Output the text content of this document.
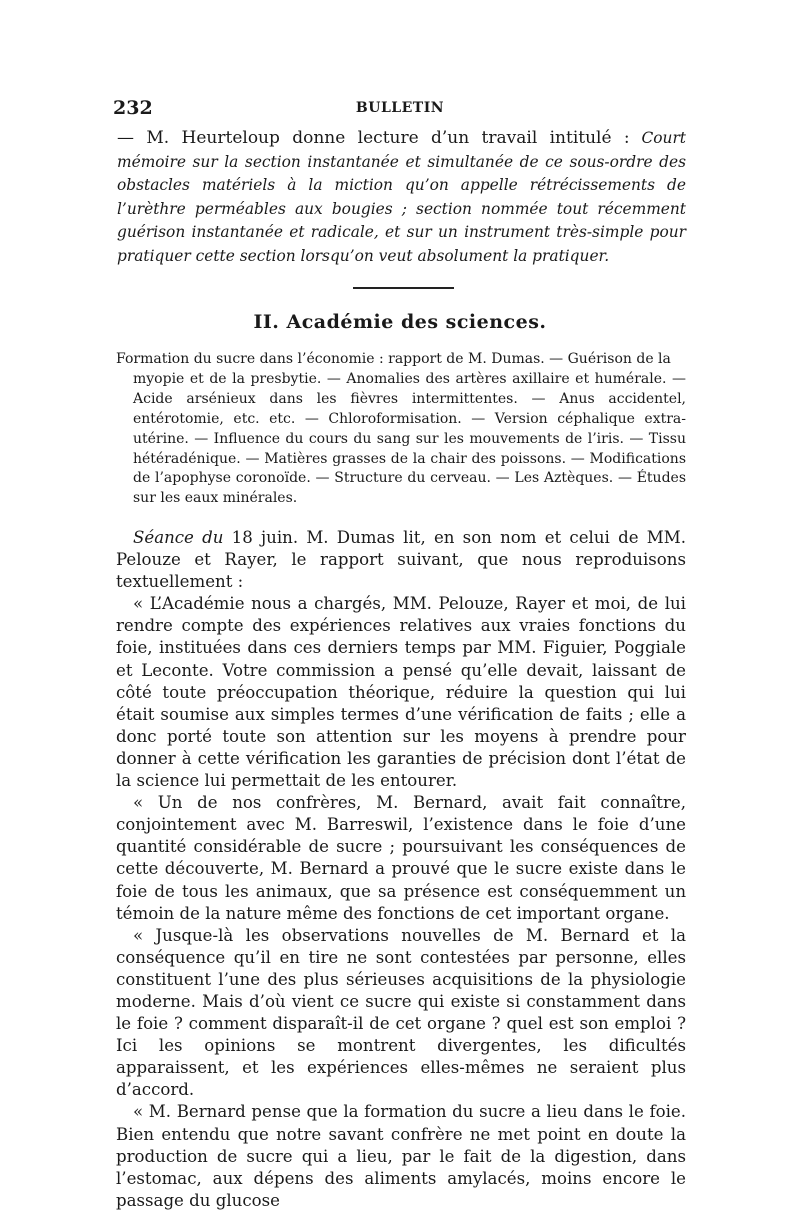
232	BULLETIN
— M. Heurteloup donne lecture d’un travail intitulé : Court mémoire sur la section instantanée et simultanée de ce sous-ordre des obstacles matériels à la miction qu’on appelle rétrécissements de l’urèthre perméables aux bougies ; section nommée tout récemment guérison instantanée et radicale, et sur un instrument très-simple pour pratiquer cette section lorsqu’on veut absolument la pratiquer.
II. Académie des sciences.
Formation du sucre dans l’économie : rapport de M. Dumas. — Guérison de la
myopie et de la presbytie. — Anomalies des artères axillaire et humérale. — Acide arsénieux dans les fièvres intermittentes. — Anus accidentel, entérotomie, etc. etc. — Chloroformisation. — Version céphalique extra-utérine. — Influence du cours du sang sur les mouvements de l’iris. — Tissu hétéradénique. — Matières grasses de la chair des poissons. — Modifications de l’apophyse coronoïde. — Structure du cerveau. — Les Aztèques. — Études sur les eaux minérales.

Séance du 18 juin. M. Dumas lit, en son nom et celui de MM. Pelouze et Rayer, le rapport suivant, que nous reproduisons textuellement :

« L’Académie nous a chargés, MM. Pelouze, Rayer et moi, de lui rendre compte des expériences relatives aux vraies fonctions du foie, instituées dans ces derniers temps par MM. Figuier, Poggiale et Leconte. Votre commission a pensé qu’elle devait, laissant de côté toute préoccupation théorique, réduire la question qui lui était soumise aux simples termes d’une vérification de faits ; elle a donc porté toute son attention sur les moyens à prendre pour donner à cette vérification les garanties de précision dont l’état de la science lui permettait de les entourer.

« Un de nos confrères, M. Bernard, avait fait connaître, conjointement avec M. Barreswil, l’existence dans le foie d’une quantité considérable de sucre ; poursuivant les conséquences de cette découverte, M. Bernard a prouvé que le sucre existe dans le foie de tous les animaux, que sa présence est conséquemment un témoin de la nature même des fonctions de cet important organe.

« Jusque-là les observations nouvelles de M. Bernard et la conséquence qu’il en tire ne sont contestées par personne, elles constituent l’une des plus sérieuses acquisitions de la physiologie moderne. Mais d’où vient ce sucre qui existe si constamment dans le foie ? comment disparaît-il de cet organe ? quel est son emploi ? Ici les opinions se montrent divergentes, les dificultés apparaissent, et les expériences elles-mêmes ne seraient plus d’accord.

« M. Bernard pense que la formation du sucre a lieu dans le foie. Bien entendu que notre savant confrère ne met point en doute la production de sucre qui a lieu, par le fait de la digestion, dans l’estomac, aux dépens des aliments amylacés, moins encore le passage du glucose
